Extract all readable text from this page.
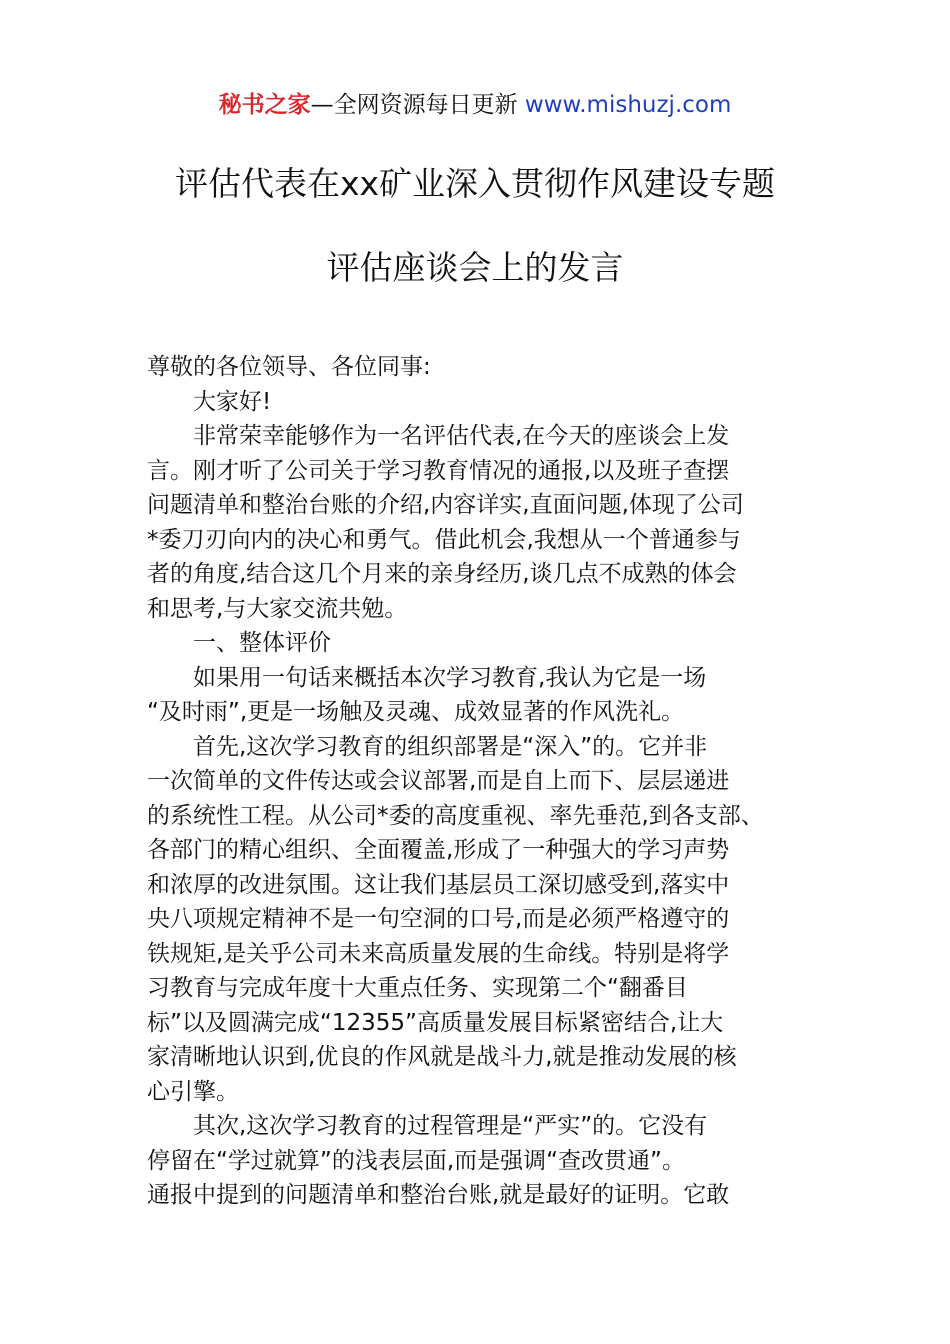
秘书之家—全网资源每日更新 www.mishuzj.com
评估代表在xx矿业深入贯彻作风建设专题
评估座谈会上的发言

尊敬的各位领导、各位同事:

大家好!

非常荣幸能够作为一名评估代表,在今天的座谈会上发

言。刚才听了公司关于学习教育情况的通报,以及班子查摆

问题清单和整治台账的介绍,内容详实,直面问题,体现了公司

*委刀刃向内的决心和勇气。借此机会,我想从一个普通参与

者的角度,结合这几个月来的亲身经历,谈几点不成熟的体会

和思考,与大家交流共勉。

一、整体评价

如果用一句话来概括本次学习教育,我认为它是一场

“及时雨”,更是一场触及灵魂、成效显著的作风洗礼。

首先,这次学习教育的组织部署是“深入”的。它并非

一次简单的文件传达或会议部署,而是自上而下、层层递进

的系统性工程。从公司*委的高度重视、率先垂范,到各支部、

各部门的精心组织、全面覆盖,形成了一种强大的学习声势

和浓厚的改进氛围。这让我们基层员工深切感受到,落实中

央八项规定精神不是一句空洞的口号,而是必须严格遵守的

铁规矩,是关乎公司未来高质量发展的生命线。特别是将学

习教育与完成年度十大重点任务、实现第二个“翻番目

标”以及圆满完成“12355”高质量发展目标紧密结合,让大

家清晰地认识到,优良的作风就是战斗力,就是推动发展的核

心引擎。

其次,这次学习教育的过程管理是“严实”的。它没有

停留在“学过就算”的浅表层面,而是强调“查改贯通”。

通报中提到的问题清单和整治台账,就是最好的证明。它敢
